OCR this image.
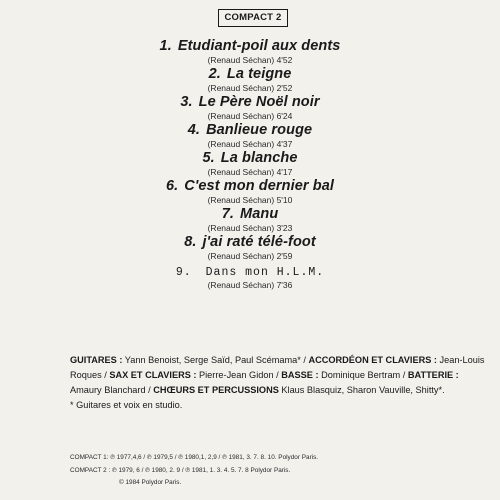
COMPACT 2
1. Etudiant-poil aux dents
(Renaud Séchan) 4'52
2. La teigne
(Renaud Séchan) 2'52
3. Le Père Noël noir
(Renaud Séchan) 6'24
4. Banlieue rouge
(Renaud Séchan) 4'37
5. La blanche
(Renaud Séchan) 4'17
6. C'est mon dernier bal
(Renaud Séchan) 5'10
7. Manu
(Renaud Séchan) 3'23
8. j'ai raté télé-foot
(Renaud Séchan) 2'59
9. Dans mon H.L.M.
(Renaud Séchan) 7'36

GUITARES : Yann Benoist, Serge Saïd, Paul Scémama* / ACCORDÉON ET CLAVIERS : Jean-Louis Roques / SAX ET CLAVIERS : Pierre-Jean Gidon / BASSE : Dominique Bertram / BATTERIE : Amaury Blanchard / CHŒURS ET PERCUSSIONS Klaus Blasquiz, Sharon Vauville, Shitty*.

* Guitares et voix en studio.

COMPACT 1: ℗ 1977,4,6 / ℗ 1979,5 / ℗ 1980,1, 2,9 / ℗ 1981, 3. 7. 8. 10. Polydor Paris.

COMPACT 2 : ℗ 1979, 6 / ℗ 1980, 2. 9 / ℗ 1981, 1. 3. 4. 5. 7. 8 Polydor Paris.

© 1984 Polydor Paris.
